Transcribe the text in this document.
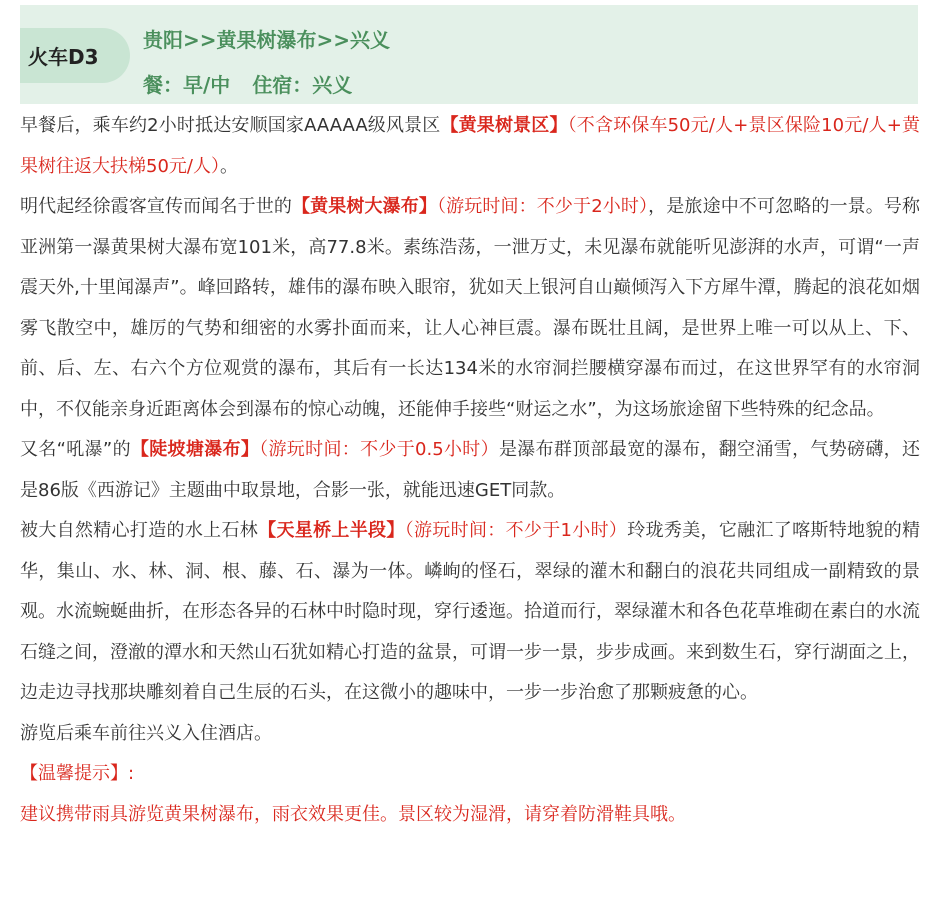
火车D3
贵阳>>黄果树瀑布>>兴义
餐：早/中 住宿：兴义

早餐后，乘车约2小时抵达安顺国家AAAAA级风景区【黄果树景区】（不含环保车50元/人+景区保险10元/人+黄果树往返大扶梯50元/人）。

明代起经徐霞客宣传而闻名于世的【黄果树大瀑布】（游玩时间：不少于2小时），是旅途中不可忽略的一景。号称亚洲第一瀑黄果树大瀑布宽101米，高77.8米。素练浩荡，一泄万丈，未见瀑布就能听见澎湃的水声，可谓“一声震天外,十里闻瀑声”。峰回路转，雄伟的瀑布映入眼帘，犹如天上银河自山巅倾泻入下方犀牛潭，腾起的浪花如烟雾飞散空中，雄厉的气势和细密的水雾扑面而来，让人心神巨震。瀑布既壮且阔，是世界上唯一可以从上、下、前、后、左、右六个方位观赏的瀑布，其后有一长达134米的水帘洞拦腰横穿瀑布而过，在这世界罕有的水帘洞中，不仅能亲身近距离体会到瀑布的惊心动魄，还能伸手接些“财运之水”，为这场旅途留下些特殊的纪念品。

又名“吼瀑”的【陡坡塘瀑布】（游玩时间：不少于0.5小时）是瀑布群顶部最宽的瀑布，翻空涌雪，气势磅礴，还是86版《西游记》主题曲中取景地，合影一张，就能迅速GET同款。

被大自然精心打造的水上石林【天星桥上半段】（游玩时间：不少于1小时）玲珑秀美，它融汇了喀斯特地貌的精华，集山、水、林、洞、根、藤、石、瀑为一体。嶙峋的怪石，翠绿的灌木和翻白的浪花共同组成一副精致的景观。水流蜿蜒曲折，在形态各异的石林中时隐时现，穿行逶迤。拾道而行，翠绿灌木和各色花草堆砌在素白的水流石缝之间，澄澈的潭水和天然山石犹如精心打造的盆景，可谓一步一景，步步成画。来到数生石，穿行湖面之上，边走边寻找那块雕刻着自己生辰的石头，在这微小的趣味中，一步一步治愈了那颗疲惫的心。

游览后乘车前往兴义入住酒店。

【温馨提示】:

建议携带雨具游览黄果树瀑布，雨衣效果更佳。景区较为湿滑，请穿着防滑鞋具哦。
